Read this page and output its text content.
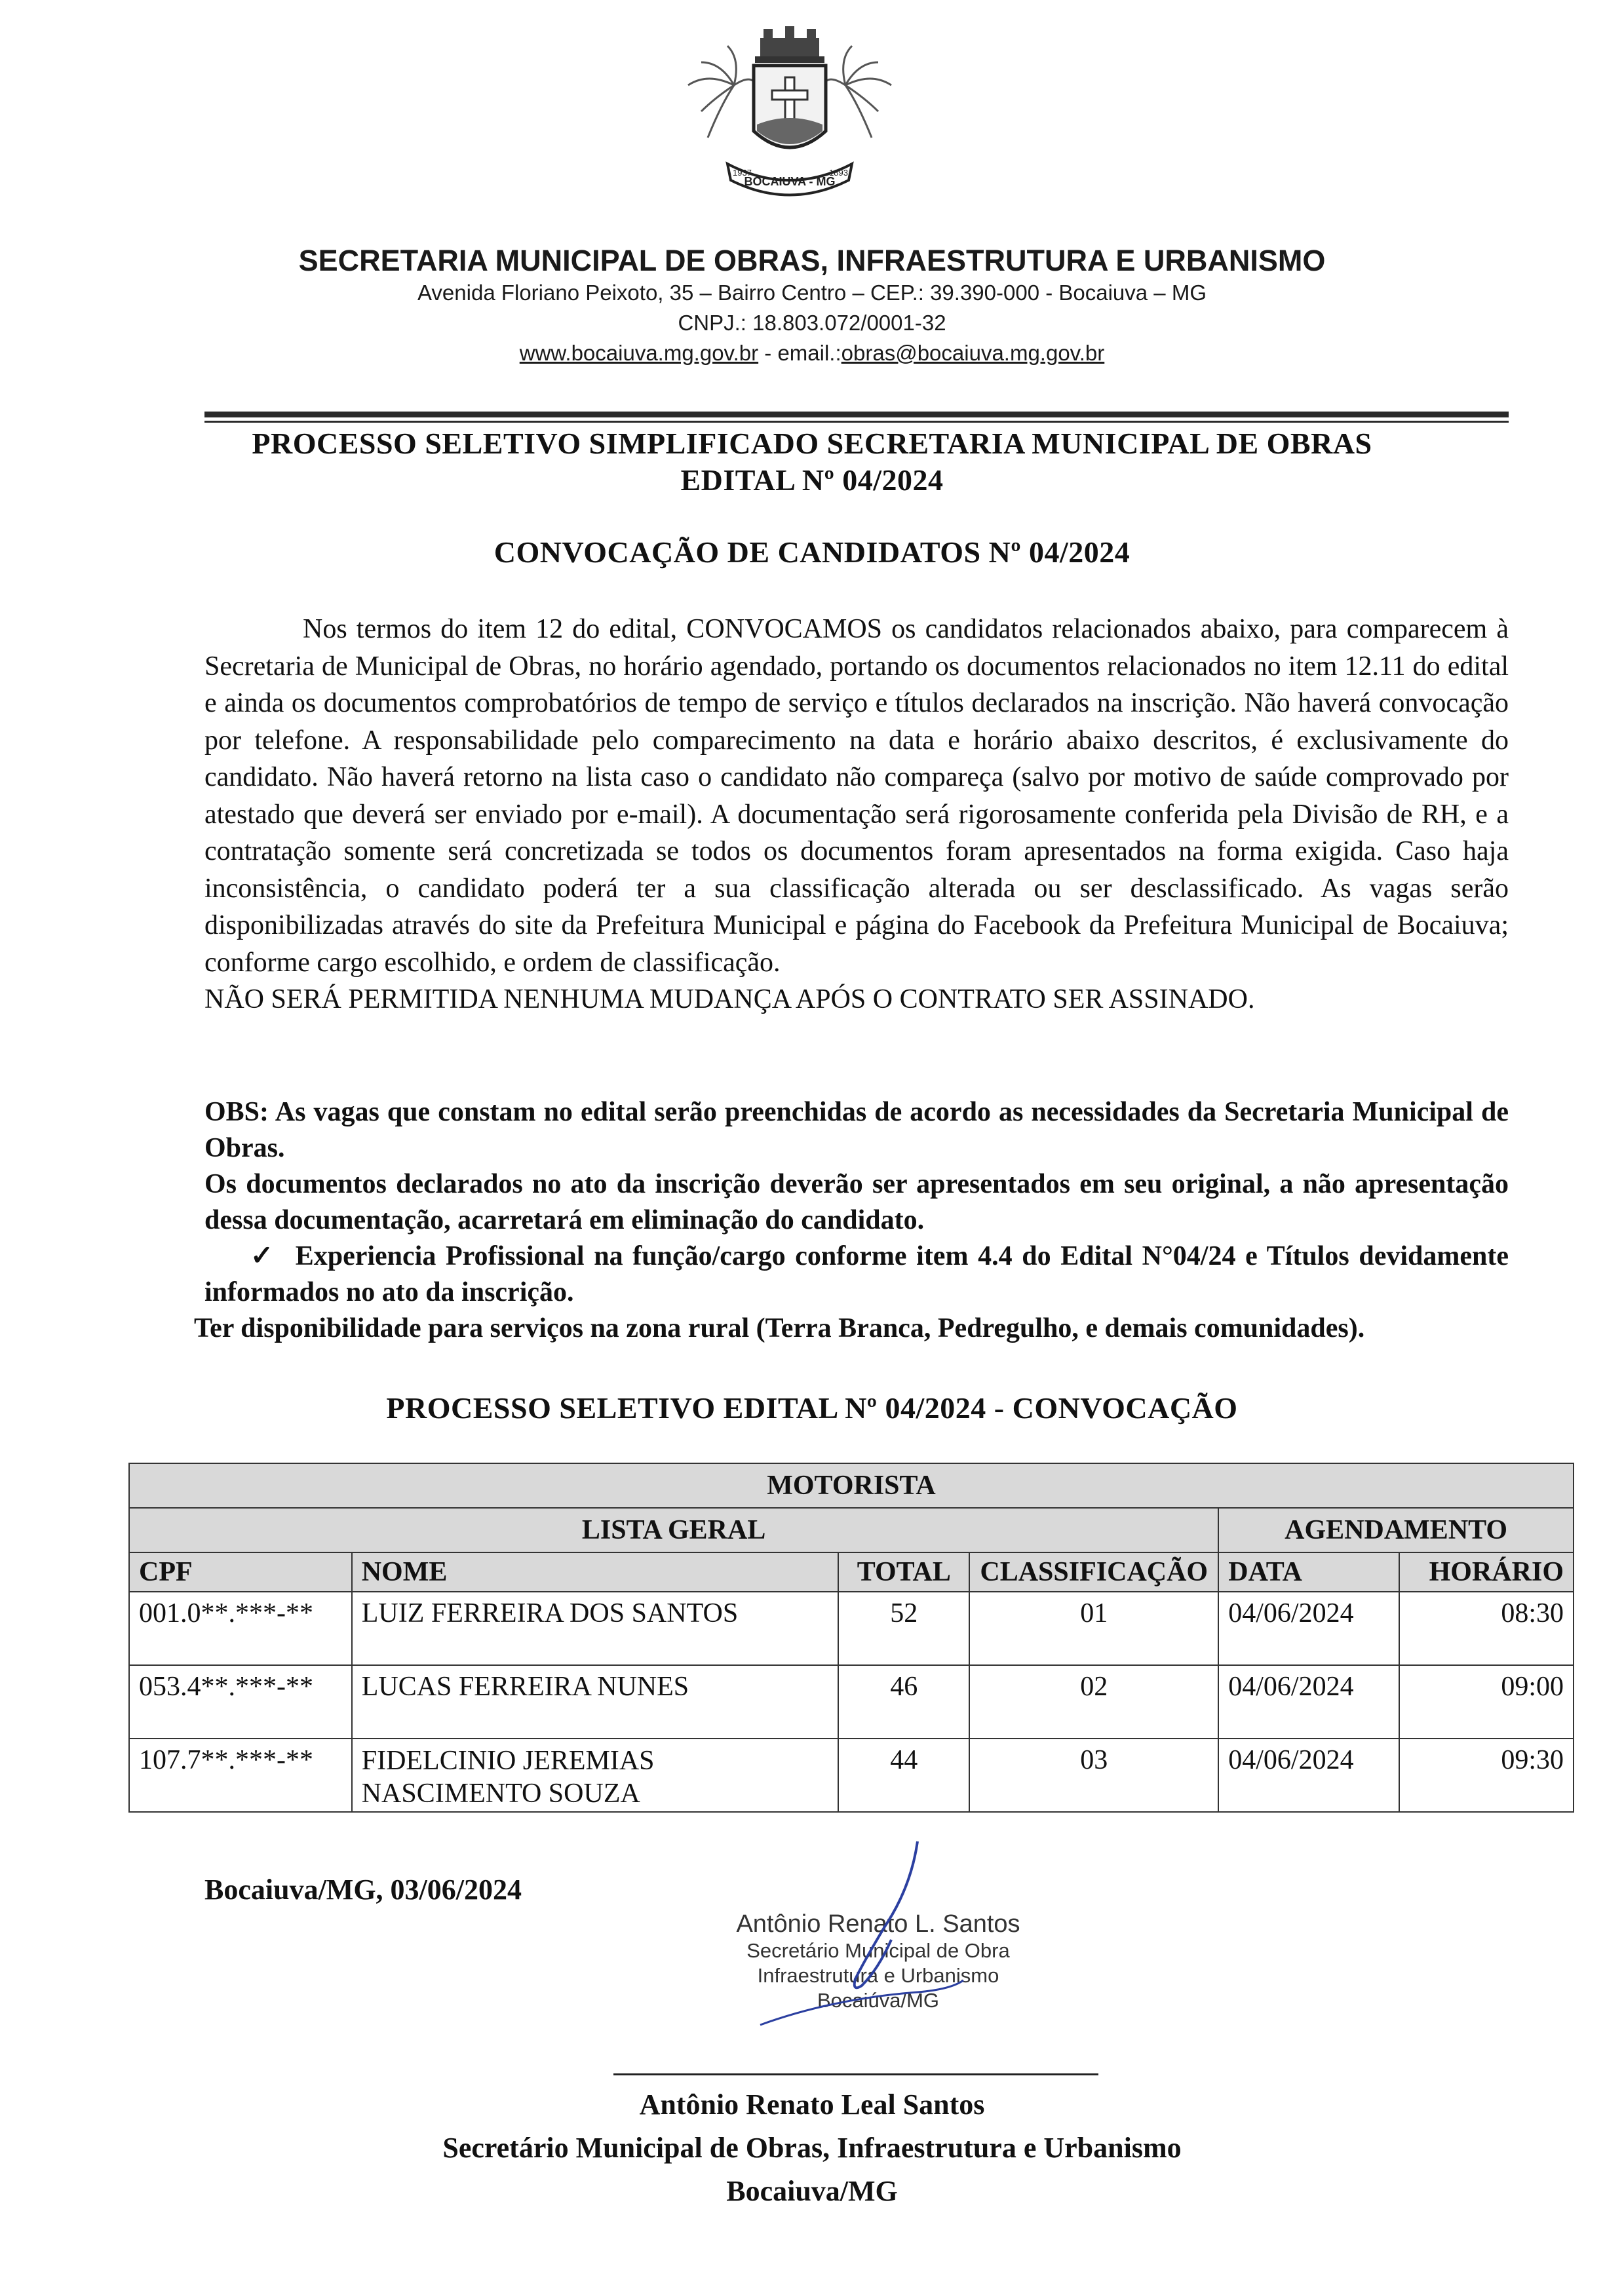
BOCAIUVA - MG
1937	1893
SECRETARIA MUNICIPAL DE OBRAS, INFRAESTRUTURA E URBANISMO
Avenida Floriano Peixoto, 35 – Bairro Centro – CEP.: 39.390-000 - Bocaiuva – MG
CNPJ.: 18.803.072/0001-32
www.bocaiuva.mg.gov.br - email.:obras@bocaiuva.mg.gov.br
PROCESSO SELETIVO SIMPLIFICADO SECRETARIA MUNICIPAL DE OBRAS
EDITAL Nº 04/2024
CONVOCAÇÃO DE CANDIDATOS Nº 04/2024

Nos termos do item 12 do edital, CONVOCAMOS os candidatos relacionados abaixo, para comparecem à Secretaria de Municipal de Obras, no horário agendado, portando os documentos relacionados no item 12.11 do edital e ainda os documentos comprobatórios de tempo de serviço e títulos declarados na inscrição. Não haverá convocação por telefone. A responsabilidade pelo comparecimento na data e horário abaixo descritos, é exclusivamente do candidato. Não haverá retorno na lista caso o candidato não compareça (salvo por motivo de saúde comprovado por atestado que deverá ser enviado por e-mail). A documentação será rigorosamente conferida pela Divisão de RH, e a contratação somente será concretizada se todos os documentos foram apresentados na forma exigida. Caso haja inconsistência, o candidato poderá ter a sua classificação alterada ou ser desclassificado. As vagas serão disponibilizadas através do site da Prefeitura Municipal e página do Facebook da Prefeitura Municipal de Bocaiuva; conforme cargo escolhido, e ordem de classificação.

NÃO SERÁ PERMITIDA NENHUMA MUDANÇA APÓS O CONTRATO SER ASSINADO.

OBS: As vagas que constam no edital serão preenchidas de acordo as necessidades da Secretaria Municipal de Obras.

Os documentos declarados no ato da inscrição deverão ser apresentados em seu original, a não apresentação dessa documentação, acarretará em eliminação do candidato.

✓ Experiencia Profissional na função/cargo conforme item 4.4 do Edital N°04/24 e Títulos devidamente informados no ato da inscrição.

Ter disponibilidade para serviços na zona rural (Terra Branca, Pedregulho, e demais comunidades).

PROCESSO SELETIVO EDITAL Nº 04/2024 - CONVOCAÇÃO
MOTORISTA					
LISTA GERAL				AGENDAMENTO	
CPF	NOME	TOTAL	CLASSIFICAÇÃO	DATA	HORÁRIO
001.0**.***-**	LUIZ FERREIRA DOS SANTOS	52	01	04/06/2024	08:30
053.4**.***-**	LUCAS FERREIRA NUNES	46	02	04/06/2024	09:00
107.7**.***-**	FIDELCINIO JEREMIAS NASCIMENTO SOUZA	44	03	04/06/2024	09:30
Bocaiuva/MG, 03/06/2024
Antônio Renato L. Santos
Secretário Municipal de Obra
Infraestrutura e Urbanismo
Bocaiúva/MG
Antônio Renato Leal Santos
Secretário Municipal de Obras, Infraestrutura e Urbanismo
Bocaiuva/MG
